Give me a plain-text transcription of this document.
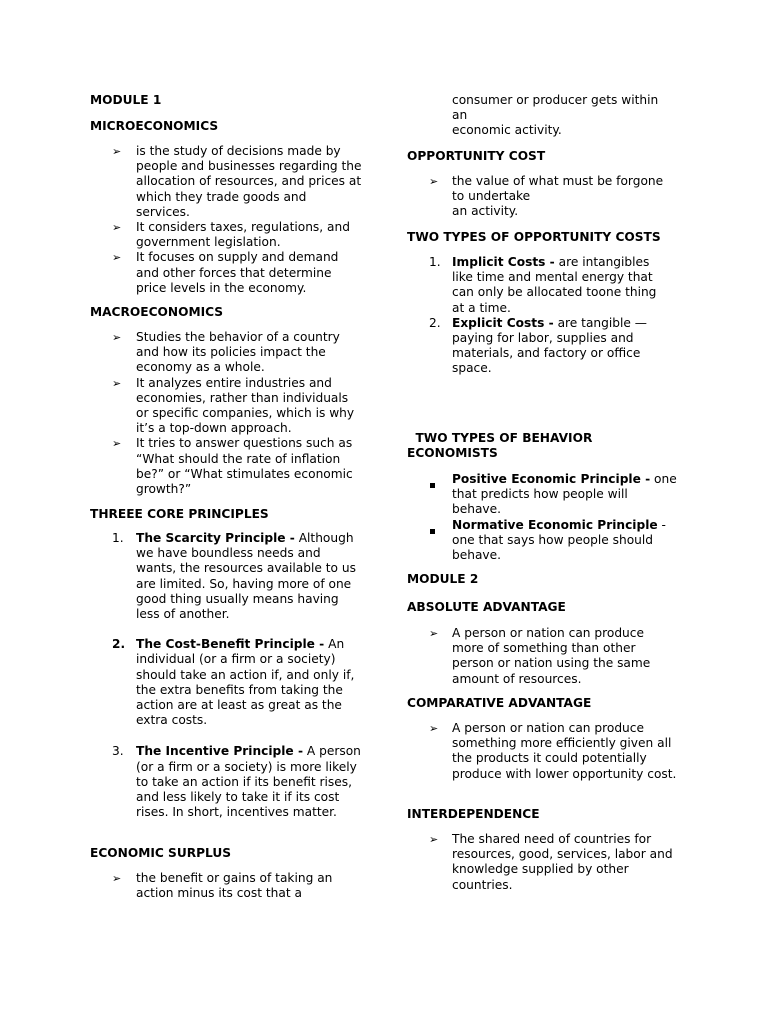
MODULE 1
MICROECONOMICS
➢ is the study of decisions made by people and businesses regarding the allocation of resources, and prices at which they trade goods and services.

➢ It considers taxes, regulations, and government legislation.

➢ It focuses on supply and demand and other forces that determine price levels in the economy.

MACROECONOMICS
➢ Studies the behavior of a country and how its policies impact the economy as a whole.

➢ It analyzes entire industries and economies, rather than individuals or specific companies, which is why it’s a top-down approach.

➢ It tries to answer questions such as “What should the rate of inflation be?” or “What stimulates economic growth?”

THREEE CORE PRINCIPLES
1. The Scarcity Principle - Although we have boundless needs and wants, the resources available to us are limited. So, having more of one good thing usually means having less of another.

2. The Cost-Benefit Principle - An individual (or a firm or a society) should take an action if, and only if, the extra benefits from taking the action are at least as great as the extra costs.

3. The Incentive Principle - A person (or a firm or a society) is more likely to take an action if its benefit rises, and less likely to take it if its cost rises. In short, incentives matter.

ECONOMIC SURPLUS
➢ the benefit or gains of taking an action minus its cost that a

consumer or producer gets within

an

economic activity.

OPPORTUNITY COST
➢ the value of what must be forgone

to undertake

an activity.

TWO TYPES OF OPPORTUNITY COSTS
1. Implicit Costs - are intangibles like time and mental energy that can only be allocated toone thing at a time.

2. Explicit Costs - are tangible — paying for labor, supplies and materials, and factory or office space.

TWO TYPES OF BEHAVIOR

ECONOMISTS

Positive Economic Principle - one that predicts how people will behave.

Normative Economic Principle - one that says how people should behave.

MODULE 2
ABSOLUTE ADVANTAGE
➢ A person or nation can produce more of something than other person or nation using the same amount of resources.

COMPARATIVE ADVANTAGE
➢ A person or nation can produce something more efficiently given all the products it could potentially produce with lower opportunity cost.

INTERDEPENDENCE
➢ The shared need of countries for resources, good, services, labor and knowledge supplied by other countries.
